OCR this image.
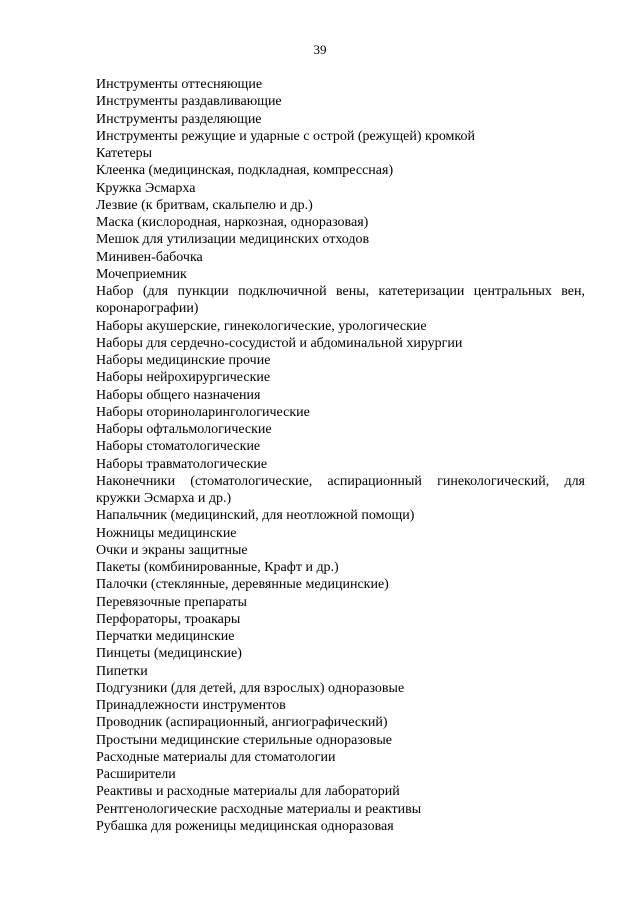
39
Инструменты оттесняющие
Инструменты раздавливающие
Инструменты разделяющие
Инструменты режущие и ударные с острой (режущей) кромкой
Катетеры
Клеенка (медицинская, подкладная, компрессная)
Кружка Эсмарха
Лезвие (к бритвам, скальпелю и др.)
Маска (кислородная, наркозная, одноразовая)
Мешок для утилизации медицинских отходов
Минивен-бабочка
Мочеприемник
Набор (для пункции подключичной вены, катетеризации центральных вен, коронарографии)
Наборы акушерские, гинекологические, урологические
Наборы для сердечно-сосудистой и абдоминальной хирургии
Наборы медицинские прочие
Наборы нейрохирургические
Наборы общего назначения
Наборы оториноларингологические
Наборы офтальмологические
Наборы стоматологические
Наборы травматологические
Наконечники (стоматологические, аспирационный гинекологический, для кружки Эсмарха и др.)
Напальчник (медицинский, для неотложной помощи)
Ножницы медицинские
Очки и экраны защитные
Пакеты (комбинированные, Крафт и др.)
Палочки (стеклянные, деревянные медицинские)
Перевязочные препараты
Перфораторы, троакары
Перчатки медицинские
Пинцеты (медицинские)
Пипетки
Подгузники (для детей, для взрослых) одноразовые
Принадлежности инструментов
Проводник (аспирационный, ангиографический)
Простыни медицинские стерильные одноразовые
Расходные материалы для стоматологии
Расширители
Реактивы и расходные материалы для лабораторий
Рентгенологические расходные материалы и реактивы
Рубашка для роженицы медицинская одноразовая
